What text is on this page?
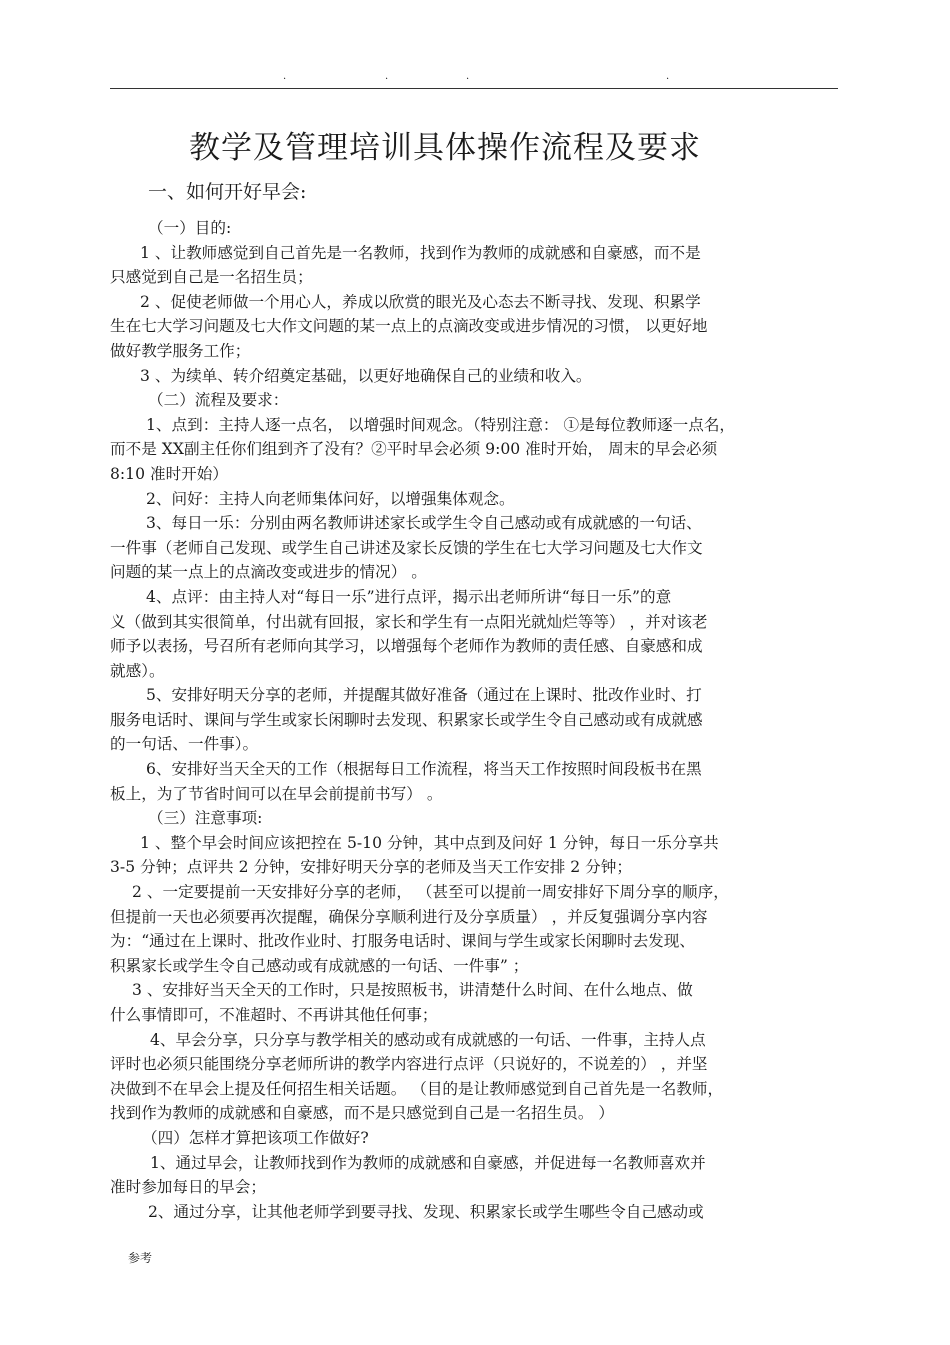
.	.	.	.
教学及管理培训具体操作流程及要求
一、如何开好早会:
（一）目的:
1 、让教师感觉到自己首先是一名教师，找到作为教师的成就感和自豪感，而不是
只感觉到自己是一名招生员；
2 、促使老师做一个用心人，养成以欣赏的眼光及心态去不断寻找、发现、积累学
生在七大学习问题及七大作文问题的某一点上的点滴改变或进步情况的习惯， 以更好地
做好教学服务工作；
3 、为续单、转介绍奠定基础，以更好地确保自己的业绩和收入。
（二）流程及要求：
1、点到：主持人逐一点名， 以增强时间观念。（特别注意： ①是每位教师逐一点名，
而不是 XX副主任你们组到齐了没有？②平时早会必须 9:00 准时开始， 周末的早会必须
8:10 准时开始）
2、问好：主持人向老师集体问好，以增强集体观念。
3、每日一乐：分别由两名教师讲述家长或学生令自己感动或有成就感的一句话、
一件事（老师自己发现、或学生自己讲述及家长反馈的学生在七大学习问题及七大作文
问题的某一点上的点滴改变或进步的情况） 。
4、点评：由主持人对“每日一乐”进行点评，揭示出老师所讲“每日一乐”的意
义（做到其实很简单，付出就有回报，家长和学生有一点阳光就灿烂等等） ，并对该老
师予以表扬，号召所有老师向其学习，以增强每个老师作为教师的责任感、自豪感和成
就感）。
5、安排好明天分享的老师，并提醒其做好准备（通过在上课时、批改作业时、打
服务电话时、课间与学生或家长闲聊时去发现、积累家长或学生令自己感动或有成就感
的一句话、一件事）。
6、安排好当天全天的工作（根据每日工作流程，将当天工作按照时间段板书在黑
板上，为了节省时间可以在早会前提前书写） 。
（三）注意事项:
1 、整个早会时间应该把控在 5-10 分钟，其中点到及问好 1 分钟，每日一乐分享共
3-5 分钟；点评共 2 分钟，安排好明天分享的老师及当天工作安排 2 分钟；
2 、一定要提前一天安排好分享的老师， （甚至可以提前一周安排好下周分享的顺序，
但提前一天也必须要再次提醒，确保分享顺利进行及分享质量） ，并反复强调分享内容
为：“通过在上课时、批改作业时、打服务电话时、课间与学生或家长闲聊时去发现、
积累家长或学生令自己感动或有成就感的一句话、一件事” ；
3 、安排好当天全天的工作时，只是按照板书，讲清楚什么时间、在什么地点、做
什么事情即可，不准超时、不再讲其他任何事；
4、早会分享，只分享与教学相关的感动或有成就感的一句话、一件事，主持人点
评时也必须只能围绕分享老师所讲的教学内容进行点评（只说好的，不说差的） ，并坚
决做到不在早会上提及任何招生相关话题。 （目的是让教师感觉到自己首先是一名教师，
找到作为教师的成就感和自豪感，而不是只感觉到自己是一名招生员。 ）
（四）怎样才算把该项工作做好?
1、通过早会，让教师找到作为教师的成就感和自豪感，并促进每一名教师喜欢并
准时参加每日的早会；
2、通过分享，让其他老师学到要寻找、发现、积累家长或学生哪些令自己感动或
参考
